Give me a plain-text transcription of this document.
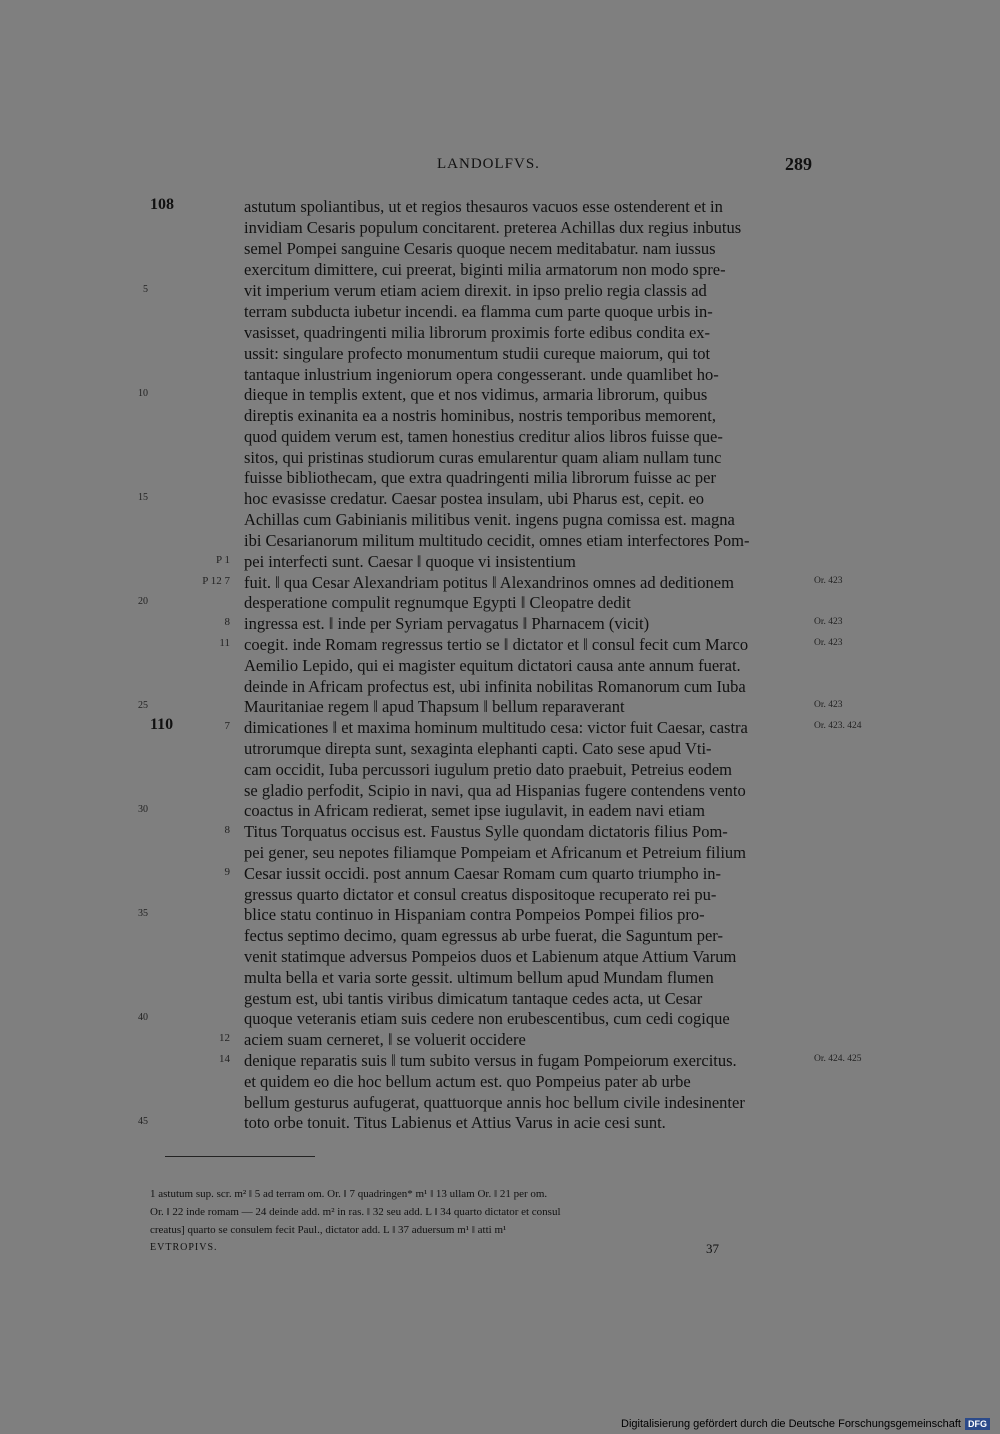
LANDOLFVS.	289
108
110
5
10
15
20
25
30
35
40
45
P 1
P 12 7
8
11
7
8
9
12
14
Or. 423
Or. 423
Or. 423
Or. 423
Or. 423. 424
Or. 424. 425
astutum spoliantibus, ut et regios thesauros vacuos esse ostenderent et in
invidiam Cesaris populum concitarent. preterea Achillas dux regius inbutus
semel Pompei sanguine Cesaris quoque necem meditabatur. nam iussus
exercitum dimittere, cui preerat, biginti milia armatorum non modo spre-
vit imperium verum etiam aciem direxit. in ipso prelio regia classis ad
terram subducta iubetur incendi. ea flamma cum parte quoque urbis in-
vasisset, quadringenti milia librorum proximis forte edibus condita ex-
ussit: singulare profecto monumentum studii cureque maiorum, qui tot
tantaque inlustrium ingeniorum opera congesserant. unde quamlibet ho-
dieque in templis extent, que et nos vidimus, armaria librorum, quibus
direptis exinanita ea a nostris hominibus, nostris temporibus memorent,
quod quidem verum est, tamen honestius creditur alios libros fuisse que-
sitos, qui pristinas studiorum curas emularentur quam aliam nullam tunc
fuisse bibliothecam, que extra quadringenti milia librorum fuisse ac per
hoc evasisse credatur. Caesar postea insulam, ubi Pharus est, cepit. eo
Achillas cum Gabinianis militibus venit. ingens pugna comissa est. magna
ibi Cesarianorum militum multitudo cecidit, omnes etiam interfectores Pom-
pei interfecti sunt. Caesar ‖ quoque vi insistentium
fuit. ‖ qua Cesar Alexandriam potitus ‖ Alexandrinos omnes ad deditionem
desperatione compulit regnumque Egypti ‖ Cleopatre dedit
ingressa est. ‖ inde per Syriam pervagatus ‖ Pharnacem (vicit)
coegit. inde Romam regressus tertio se ‖ dictator et ‖ consul fecit cum Marco
Aemilio Lepido, qui ei magister equitum dictatori causa ante annum fuerat.
deinde in Africam profectus est, ubi infinita nobilitas Romanorum cum Iuba
Mauritaniae regem ‖ apud Thapsum ‖ bellum reparaverant
dimicationes ‖ et maxima hominum multitudo cesa: victor fuit Caesar, castra
utrorumque direpta sunt, sexaginta elephanti capti. Cato sese apud Vti-
cam occidit, Iuba percussori iugulum pretio dato praebuit, Petreius eodem
se gladio perfodit, Scipio in navi, qua ad Hispanias fugere contendens vento
coactus in Africam redierat, semet ipse iugulavit, in eadem navi etiam
Titus Torquatus occisus est. Faustus Sylle quondam dictatoris filius Pom-
pei gener, seu nepotes filiamque Pompeiam et Africanum et Petreium filium
Cesar iussit occidi. post annum Caesar Romam cum quarto triumpho in-
gressus quarto dictator et consul creatus dispositoque recuperato rei pu-
blice statu continuo in Hispaniam contra Pompeios Pompei filios pro-
fectus septimo decimo, quam egressus ab urbe fuerat, die Saguntum per-
venit statimque adversus Pompeios duos et Labienum atque Attium Varum
multa bella et varia sorte gessit. ultimum bellum apud Mundam flumen
gestum est, ubi tantis viribus dimicatum tantaque cedes acta, ut Cesar
quoque veteranis etiam suis cedere non erubescentibus, cum cedi cogique
aciem suam cerneret, ‖ se voluerit occidere
denique reparatis suis ‖ tum subito versus in fugam Pompeiorum exercitus.
et quidem eo die hoc bellum actum est. quo Pompeius pater ab urbe
bellum gesturus aufugerat, quattuorque annis hoc bellum civile indesinenter
toto orbe tonuit. Titus Labienus et Attius Varus in acie cesi sunt.
1 astutum sup. scr. m² ‖ 5 ad terram om. Or. ‖ 7 quadringen* m¹ ‖ 13 ullam Or. ‖ 21 per om.
Or. ‖ 22 inde romam — 24 deinde add. m² in ras. ‖ 32 seu add. L ‖ 34 quarto dictator et consul
creatus] quarto se consulem fecit Paul., dictator add. L ‖ 37 aduersum m¹ ‖ atti m¹
EVTROPIVS.	37
Digitalisierung gefördert durch die Deutsche Forschungsgemeinschaft DFG
